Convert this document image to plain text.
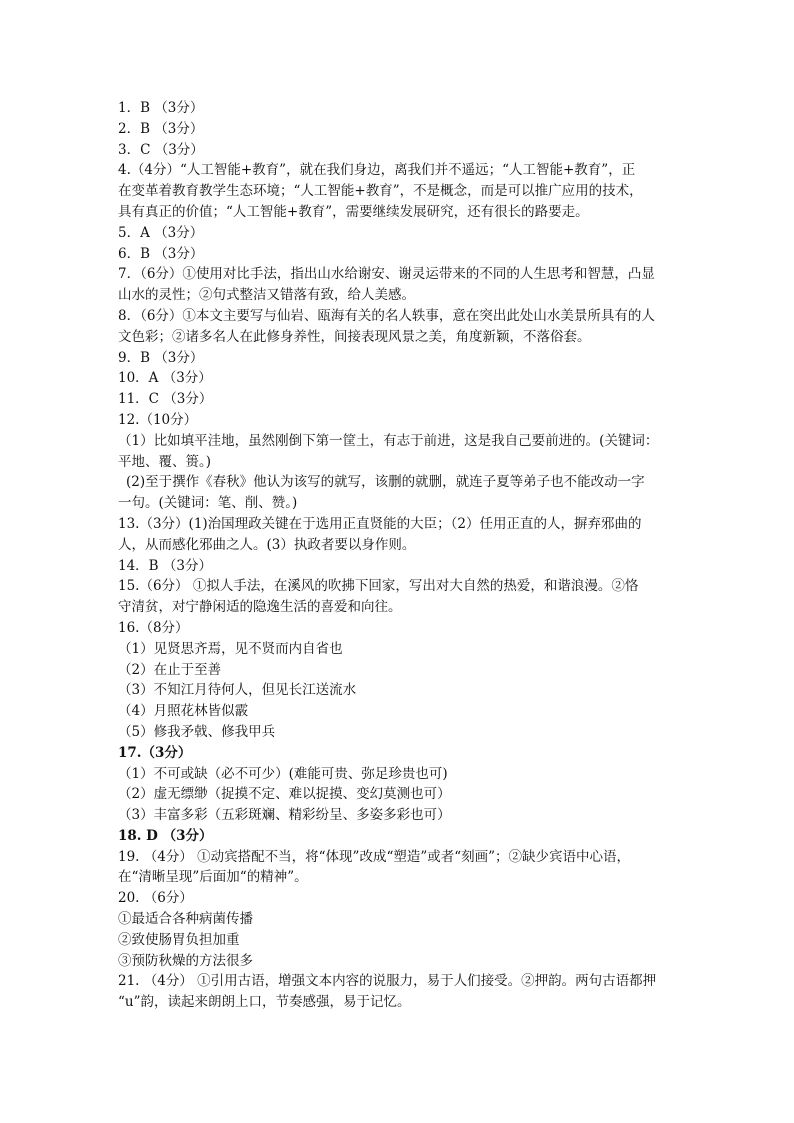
1．B （3分）
2．B （3分）
3．C （3分）
4.（4分）“人工智能+教育”，就在我们身边，离我们并不遥远；“人工智能+教育”，正
在变革着教育教学生态环境；“人工智能+教育”，不是概念，而是可以推广应用的技术，
具有真正的价值；“人工智能+教育”，需要继续发展研究，还有很长的路要走。
5．A （3分）
6．B （3分）
7．（6分）①使用对比手法，指出山水给谢安、谢灵运带来的不同的人生思考和智慧，凸显
山水的灵性；②句式整洁又错落有致，给人美感。
8．（6分）①本文主要写与仙岩、瓯海有关的名人轶事，意在突出此处山水美景所具有的人
文色彩；②诸多名人在此修身养性，间接表现风景之美，角度新颖，不落俗套。
9．B （3分）
10．A （3分）
11．C （3分）
12.（10分）
（1）比如填平洼地，虽然刚倒下第一筐土，有志于前进，这是我自己要前进的。(关键词：
平地、覆、篑。)
(2)至于撰作《春秋》他认为该写的就写，该删的就删，就连子夏等弟子也不能改动一字
一句。(关键词：笔、削、赞。)
13.（3分）(1)治国理政关键在于选用正直贤能的大臣；（2）任用正直的人，摒弃邪曲的
人，从而感化邪曲之人。(3）执政者要以身作则。
14．B （3分）
15.（6分） ①拟人手法，在溪风的吹拂下回家，写出对大自然的热爱，和谐浪漫。②恪
守清贫，对宁静闲适的隐逸生活的喜爱和向往。
16.（8分）
（1）见贤思齐焉，见不贤而内自省也
（2）在止于至善
（3）不知江月待何人，但见长江送流水
（4）月照花林皆似霰
（5）修我矛戟、修我甲兵
17.（3分）
（1）不可或缺（必不可少）(难能可贵、弥足珍贵也可)
（2）虚无缥缈（捉摸不定、难以捉摸、变幻莫测也可）
（3）丰富多彩（五彩斑斓、精彩纷呈、多姿多彩也可）
18. D （3分）
19. （4分） ①动宾搭配不当，将“体现”改成“塑造”或者“刻画”；②缺少宾语中心语，
在“清晰呈现”后面加“的精神”。
20. （6分）
①最适合各种病菌传播
②致使肠胃负担加重
③预防秋燥的方法很多
21. （4分） ①引用古语，增强文本内容的说服力，易于人们接受。②押韵。两句古语都押
“u”韵，读起来朗朗上口，节奏感强，易于记忆。
